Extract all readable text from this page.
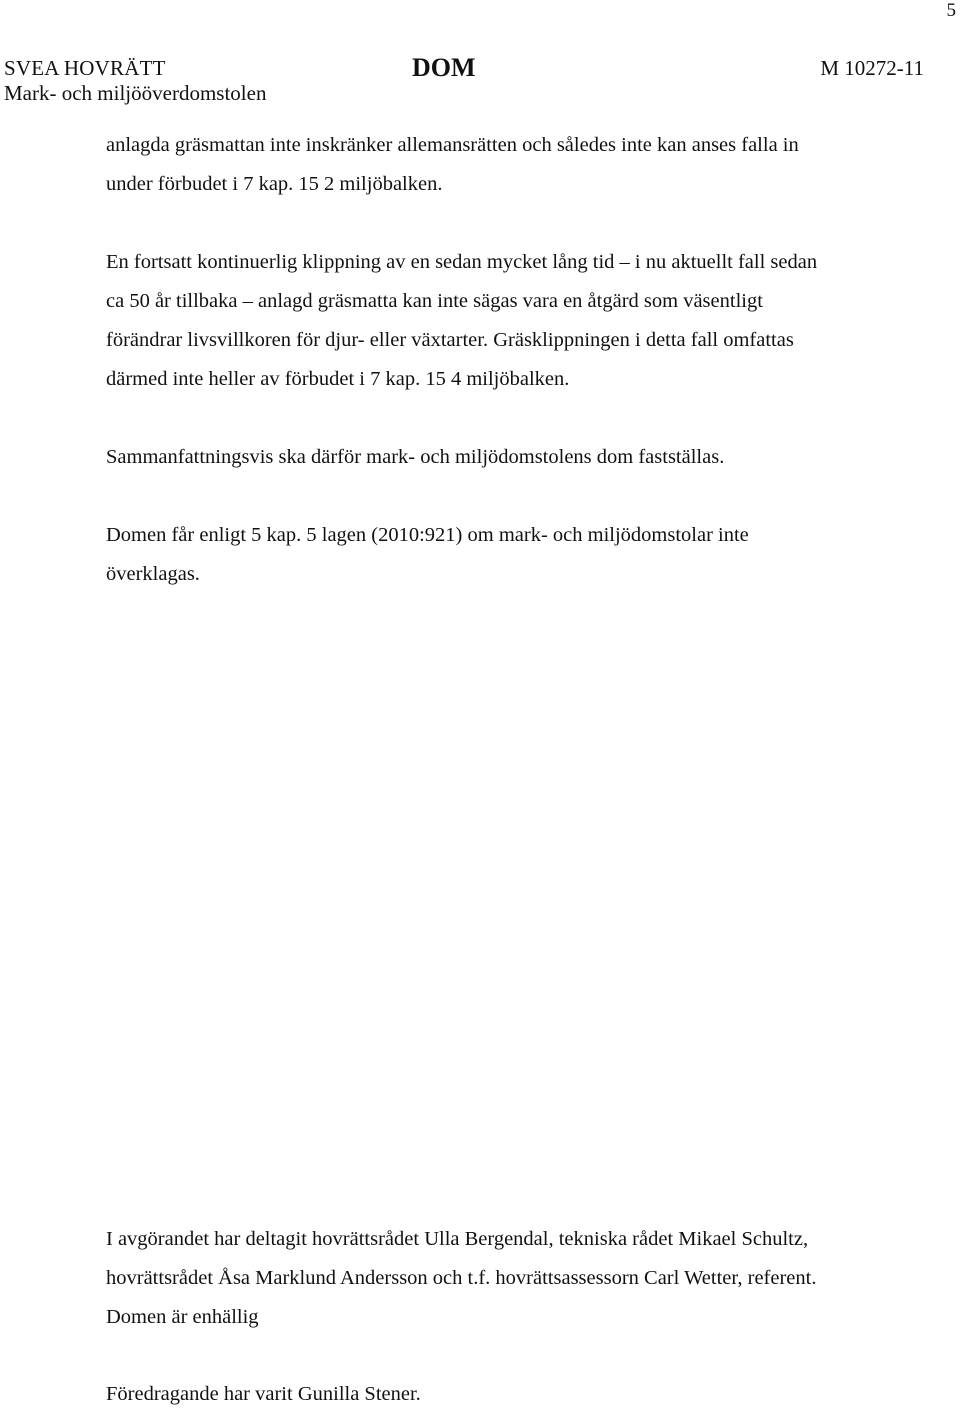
5
SVEA HOVRÄTT
Mark- och miljööverdomstolen
DOM	M 10272-11

anlagda gräsmattan inte inskränker allemansrätten och således inte kan anses falla in

under förbudet i 7 kap. 15 2 miljöbalken.

En fortsatt kontinuerlig klippning av en sedan mycket lång tid – i nu aktuellt fall sedan

ca 50 år tillbaka – anlagd gräsmatta kan inte sägas vara en åtgärd som väsentligt

förändrar livsvillkoren för djur- eller växtarter. Gräsklippningen i detta fall omfattas

därmed inte heller av förbudet i 7 kap. 15 4 miljöbalken.

Sammanfattningsvis ska därför mark- och miljödomstolens dom fastställas.

Domen får enligt 5 kap. 5 lagen (2010:921) om mark- och miljödomstolar inte

överklagas.

I avgörandet har deltagit hovrättsrådet Ulla Bergendal, tekniska rådet Mikael Schultz,

hovrättsrådet Åsa Marklund Andersson och t.f. hovrättsassessorn Carl Wetter, referent.

Domen är enhällig

Föredragande har varit Gunilla Stener.
